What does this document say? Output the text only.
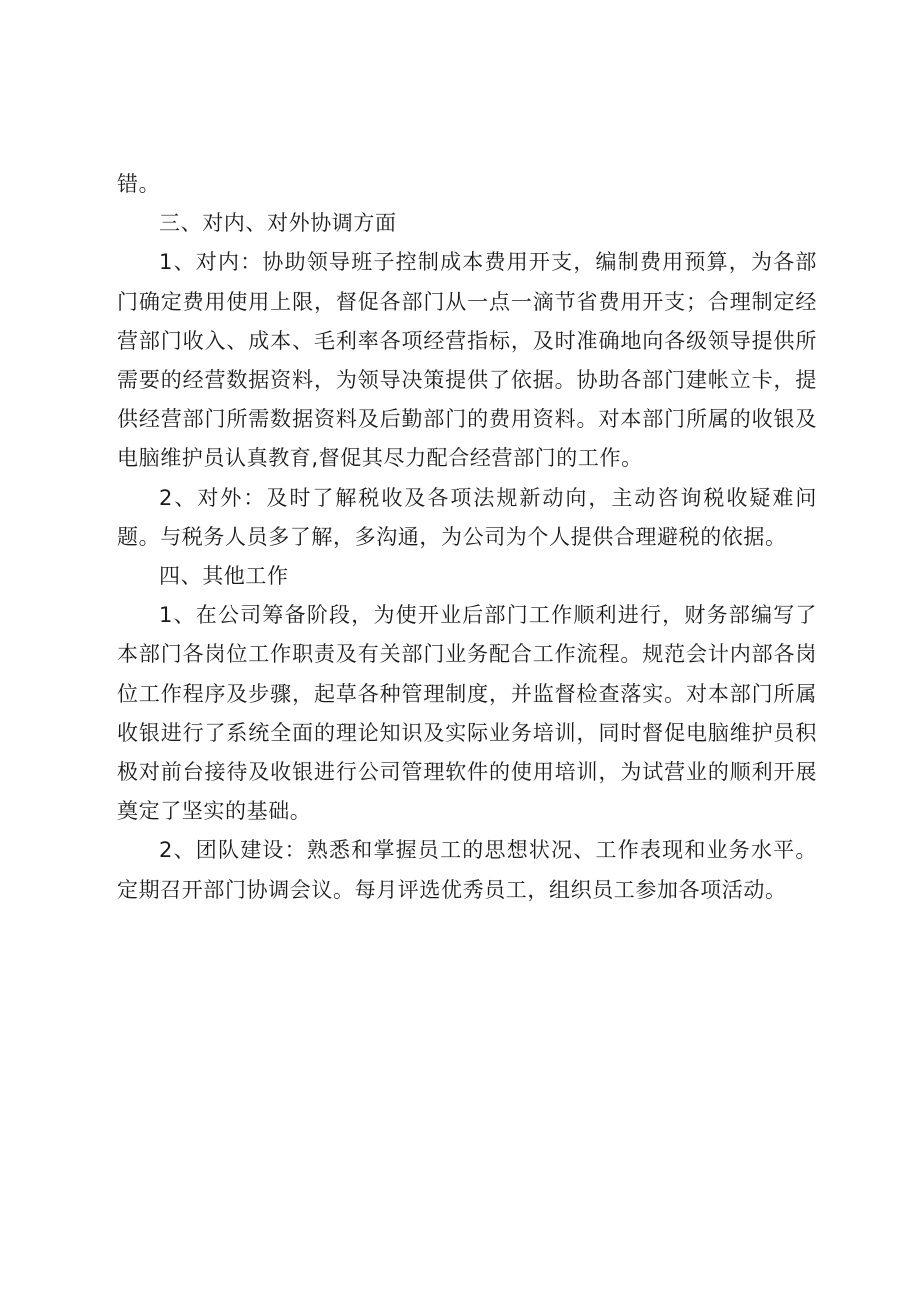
错。

三、对内、对外协调方面

1、对内：协助领导班子控制成本费用开支，编制费用预算，为各部门确定费用使用上限，督促各部门从一点一滴节省费用开支；合理制定经营部门收入、成本、毛利率各项经营指标，及时准确地向各级领导提供所需要的经营数据资料，为领导决策提供了依据。协助各部门建帐立卡，提供经营部门所需数据资料及后勤部门的费用资料。对本部门所属的收银及电脑维护员认真教育,督促其尽力配合经营部门的工作。

2、对外：及时了解税收及各项法规新动向，主动咨询税收疑难问题。与税务人员多了解，多沟通，为公司为个人提供合理避税的依据。

四、其他工作

1、在公司筹备阶段，为使开业后部门工作顺利进行，财务部编写了本部门各岗位工作职责及有关部门业务配合工作流程。规范会计内部各岗位工作程序及步骤，起草各种管理制度，并监督检查落实。对本部门所属收银进行了系统全面的理论知识及实际业务培训，同时督促电脑维护员积极对前台接待及收银进行公司管理软件的使用培训，为试营业的顺利开展奠定了坚实的基础。

2、团队建设：熟悉和掌握员工的思想状况、工作表现和业务水平。定期召开部门协调会议。每月评选优秀员工，组织员工参加各项活动。
